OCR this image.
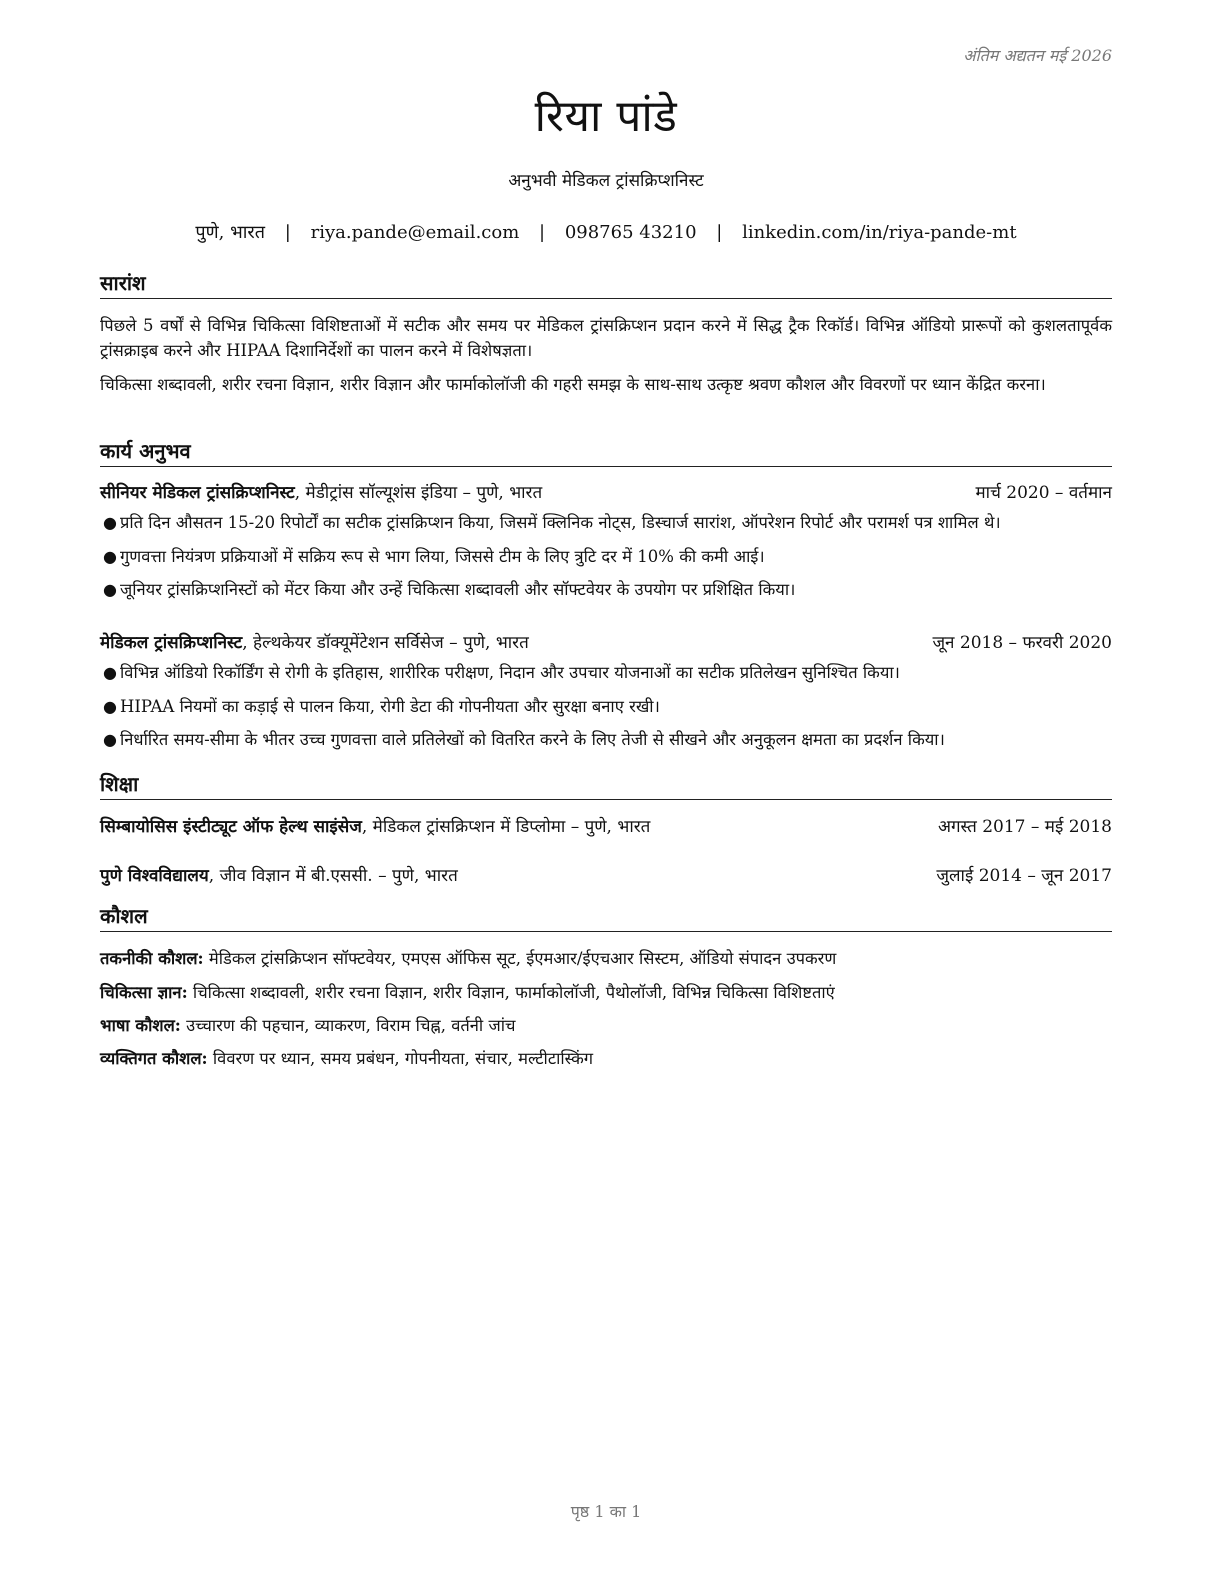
अंतिम अद्यतन मई 2026
रिया पांडे
अनुभवी मेडिकल ट्रांसक्रिप्शनिस्ट
पुणे, भारत | riya.pande@email.com | 098765 43210 | linkedin.com/in/riya-pande-mt
सारांश

पिछले 5 वर्षों से विभिन्न चिकित्सा विशिष्टताओं में सटीक और समय पर मेडिकल ट्रांसक्रिप्शन प्रदान करने में सिद्ध ट्रैक रिकॉर्ड। विभिन्न ऑडियो प्रारूपों को कुशलतापूर्वक ट्रांसक्राइब करने और HIPAA दिशानिर्देशों का पालन करने में विशेषज्ञता।

चिकित्सा शब्दावली, शरीर रचना विज्ञान, शरीर विज्ञान और फार्माकोलॉजी की गहरी समझ के साथ-साथ उत्कृष्ट श्रवण कौशल और विवरणों पर ध्यान केंद्रित करना।

कार्य अनुभव
सीनियर मेडिकल ट्रांसक्रिप्शनिस्ट, मेडीट्रांस सॉल्यूशंस इंडिया – पुणे, भारत	मार्च 2020 – वर्तमान
● प्रति दिन औसतन 15-20 रिपोर्टों का सटीक ट्रांसक्रिप्शन किया, जिसमें क्लिनिक नोट्स, डिस्चार्ज सारांश, ऑपरेशन रिपोर्ट और परामर्श पत्र शामिल थे।
● गुणवत्ता नियंत्रण प्रक्रियाओं में सक्रिय रूप से भाग लिया, जिससे टीम के लिए त्रुटि दर में 10% की कमी आई।
● जूनियर ट्रांसक्रिप्शनिस्टों को मेंटर किया और उन्हें चिकित्सा शब्दावली और सॉफ्टवेयर के उपयोग पर प्रशिक्षित किया।
मेडिकल ट्रांसक्रिप्शनिस्ट, हेल्थकेयर डॉक्यूमेंटेशन सर्विसेज – पुणे, भारत	जून 2018 – फरवरी 2020
● विभिन्न ऑडियो रिकॉर्डिंग से रोगी के इतिहास, शारीरिक परीक्षण, निदान और उपचार योजनाओं का सटीक प्रतिलेखन सुनिश्चित किया।
● HIPAA नियमों का कड़ाई से पालन किया, रोगी डेटा की गोपनीयता और सुरक्षा बनाए रखी।
● निर्धारित समय-सीमा के भीतर उच्च गुणवत्ता वाले प्रतिलेखों को वितरित करने के लिए तेजी से सीखने और अनुकूलन क्षमता का प्रदर्शन किया।
शिक्षा
सिम्बायोसिस इंस्टीट्यूट ऑफ हेल्थ साइंसेज, मेडिकल ट्रांसक्रिप्शन में डिप्लोमा – पुणे, भारत	अगस्त 2017 – मई 2018
पुणे विश्वविद्यालय, जीव विज्ञान में बी.एससी. – पुणे, भारत	जुलाई 2014 – जून 2017
कौशल
तकनीकी कौशल: मेडिकल ट्रांसक्रिप्शन सॉफ्टवेयर, एमएस ऑफिस सूट, ईएमआर/ईएचआर सिस्टम, ऑडियो संपादन उपकरण
चिकित्सा ज्ञान: चिकित्सा शब्दावली, शरीर रचना विज्ञान, शरीर विज्ञान, फार्माकोलॉजी, पैथोलॉजी, विभिन्न चिकित्सा विशिष्टताएं
भाषा कौशल: उच्चारण की पहचान, व्याकरण, विराम चिह्न, वर्तनी जांच
व्यक्तिगत कौशल: विवरण पर ध्यान, समय प्रबंधन, गोपनीयता, संचार, मल्टीटास्किंग
पृष्ठ 1 का 1
